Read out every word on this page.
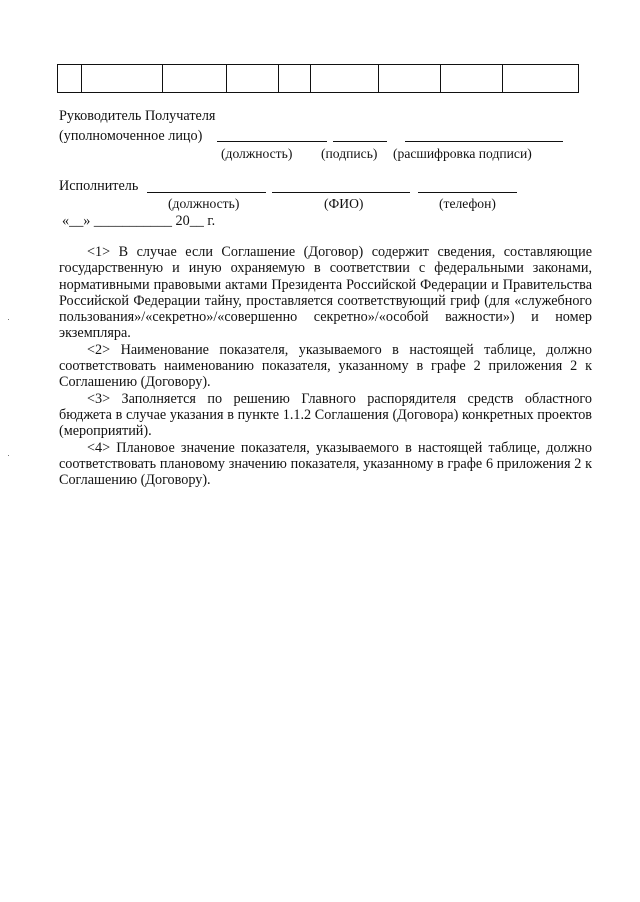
Руководитель Получателя
(уполномоченное лицо)
(должность) (подпись) (расшифровка подписи)
Исполнитель
(должность)	(ФИО)	(телефон)
«__» ___________ 20__ г.

<1> В случае если Соглашение (Договор) содержит сведения, составляющие государственную и иную охраняемую в соответствии с федеральными законами, нормативными правовыми актами Президента Российской Федерации и Правительства Российской Федерации тайну, проставляется соответствующий гриф (для «служебного пользования»/«секретно»/«совершенно секретно»/«особой важности») и номер экземпляра.

<2> Наименование показателя, указываемого в настоящей таблице, должно соответствовать наименованию показателя, указанному в графе 2 приложения 2 к Соглашению (Договору).

<3> Заполняется по решению Главного распорядителя средств областного бюджета в случае указания в пункте 1.1.2 Соглашения (Договора) конкретных проектов (мероприятий).

<4> Плановое значение показателя, указываемого в настоящей таблице, должно соответствовать плановому значению показателя, указанному в графе 6 приложения 2 к Соглашению (Договору).
